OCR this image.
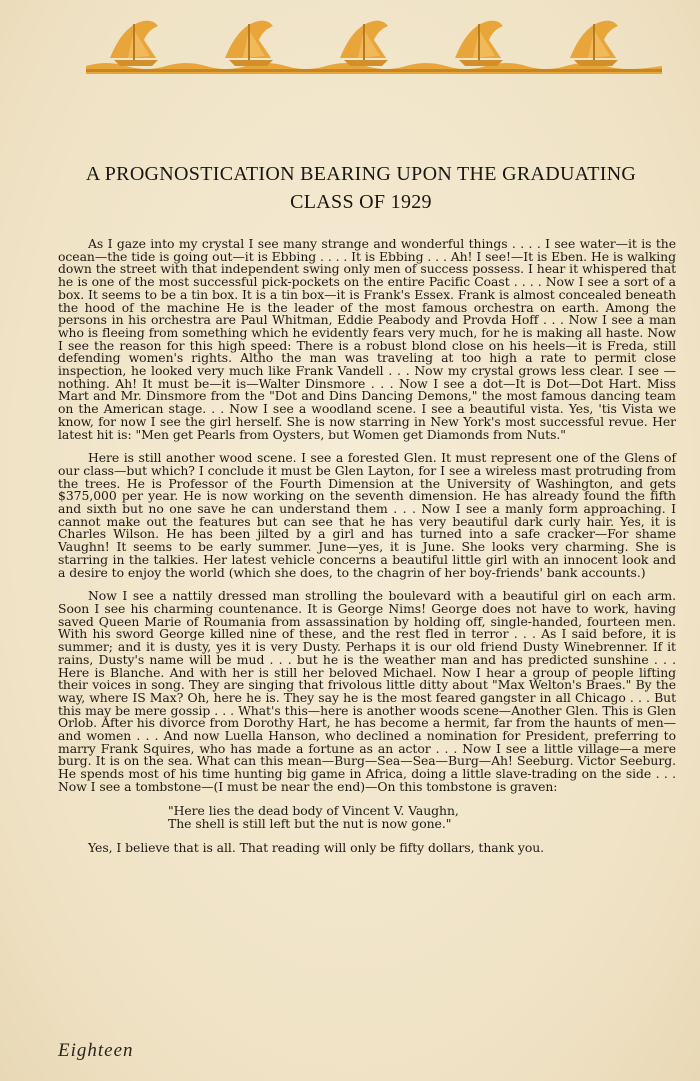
A PROGNOSTICATION BEARING UPON THE GRADUATING
CLASS OF 1929

As I gaze into my crystal I see many strange and wonderful things . . . . I see water—it is the ocean—the tide is going out—it is Ebbing . . . . It is Ebbing . . . Ah! I see!—It is Eben. He is walking down the street with that independent swing only men of success possess. I hear it whispered that he is one of the most successful pick-pockets on the entire Pacific Coast . . . . Now I see a sort of a box. It seems to be a tin box. It is a tin box—it is Frank's Essex. Frank is almost concealed beneath the hood of the machine He is the leader of the most famous orchestra on earth. Among the persons in his orchestra are Paul Whitman, Eddie Peabody and Provda Hoff . . . Now I see a man who is fleeing from something which he evidently fears very much, for he is making all haste. Now I see the reason for this high speed: There is a robust blond close on his heels—it is Freda, still defending women's rights. Altho the man was traveling at too high a rate to permit close inspection, he looked very much like Frank Vandell . . . Now my crystal grows less clear. I see —nothing. Ah! It must be—it is—Walter Dinsmore . . . Now I see a dot—It is Dot—Dot Hart. Miss Mart and Mr. Dinsmore from the "Dot and Dins Dancing Demons," the most famous dancing team on the American stage. . . Now I see a woodland scene. I see a beautiful vista. Yes, 'tis Vista we know, for now I see the girl herself. She is now starring in New York's most successful revue. Her latest hit is: "Men get Pearls from Oysters, but Women get Diamonds from Nuts."

Here is still another wood scene. I see a forested Glen. It must represent one of the Glens of our class—but which? I conclude it must be Glen Layton, for I see a wireless mast protruding from the trees. He is Professor of the Fourth Dimension at the University of Washington, and gets $375,000 per year. He is now working on the seventh dimension. He has already found the fifth and sixth but no one save he can understand them . . . Now I see a manly form approaching. I cannot make out the features but can see that he has very beautiful dark curly hair. Yes, it is Charles Wilson. He has been jilted by a girl and has turned into a safe cracker—For shame Vaughn! It seems to be early summer. June—yes, it is June. She looks very charming. She is starring in the talkies. Her latest vehicle concerns a beautiful little girl with an innocent look and a desire to enjoy the world (which she does, to the chagrin of her boy-friends' bank accounts.)

Now I see a nattily dressed man strolling the boulevard with a beautiful girl on each arm. Soon I see his charming countenance. It is George Nims! George does not have to work, having saved Queen Marie of Roumania from assassination by holding off, single-handed, fourteen men. With his sword George killed nine of these, and the rest fled in terror . . . As I said before, it is summer; and it is dusty, yes it is very Dusty. Perhaps it is our old friend Dusty Winebrenner. If it rains, Dusty's name will be mud . . . but he is the weather man and has predicted sunshine . . . Here is Blanche. And with her is still her beloved Michael. Now I hear a group of people lifting their voices in song. They are singing that frivolous little ditty about "Max Welton's Braes." By the way, where IS Max? Oh, here he is. They say he is the most feared gangster in all Chicago . . . But this may be mere gossip . . . What's this—here is another woods scene—Another Glen. This is Glen Orlob. After his divorce from Dorothy Hart, he has become a hermit, far from the haunts of men—and women . . . And now Luella Hanson, who declined a nomination for President, preferring to marry Frank Squires, who has made a fortune as an actor . . . Now I see a little village—a mere burg. It is on the sea. What can this mean—Burg—Sea—Sea—Burg—Ah! Seeburg. Victor Seeburg. He spends most of his time hunting big game in Africa, doing a little slave-trading on the side . . . Now I see a tombstone—(I must be near the end)—On this tombstone is graven:

"Here lies the dead body of Vincent V. Vaughn,
The shell is still left but the nut is now gone."

Yes, I believe that is all. That reading will only be fifty dollars, thank you.

Eighteen
